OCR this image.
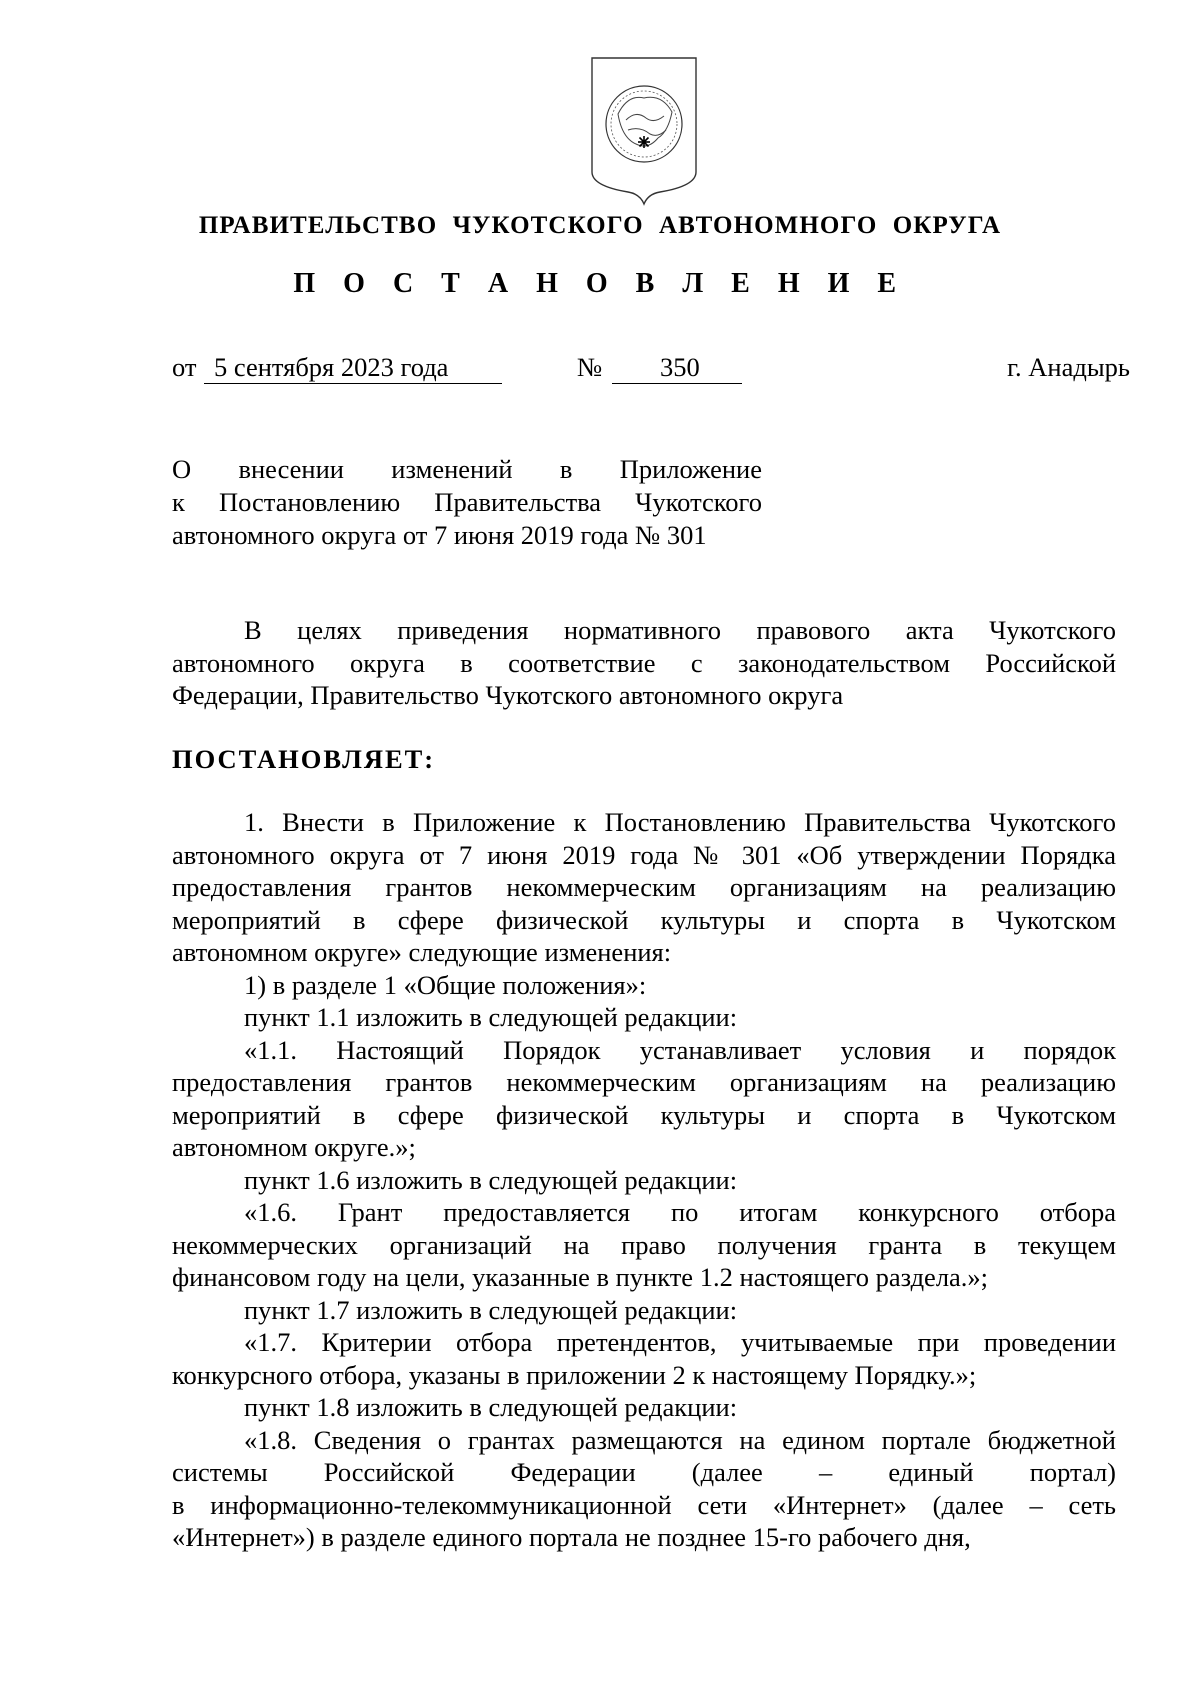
ПРАВИТЕЛЬСТВО ЧУКОТСКОГО АВТОНОМНОГО ОКРУГА
П О С Т А Н О В Л Е Н И Е
от 5 сентября 2023 года	№ 350	г. Анадырь
О внесении изменений в Приложение
к Постановлению Правительства Чукотского
автономного округа от 7 июня 2019 года № 301
В целях приведения нормативного правового акта Чукотского
автономного округа в соответствие с законодательством Российской
Федерации, Правительство Чукотского автономного округа
ПОСТАНОВЛЯЕТ:
1. Внести в Приложение к Постановлению Правительства Чукотского
автономного округа от 7 июня 2019 года № 301 «Об утверждении Порядка
предоставления грантов некоммерческим организациям на реализацию
мероприятий в сфере физической культуры и спорта в Чукотском
автономном округе» следующие изменения:
1) в разделе 1 «Общие положения»:
пункт 1.1 изложить в следующей редакции:
«1.1. Настоящий Порядок устанавливает условия и порядок
предоставления грантов некоммерческим организациям на реализацию
мероприятий в сфере физической культуры и спорта в Чукотском
автономном округе.»;
пункт 1.6 изложить в следующей редакции:
«1.6. Грант предоставляется по итогам конкурсного отбора
некоммерческих организаций на право получения гранта в текущем
финансовом году на цели, указанные в пункте 1.2 настоящего раздела.»;
пункт 1.7 изложить в следующей редакции:
«1.7. Критерии отбора претендентов, учитываемые при проведении
конкурсного отбора, указаны в приложении 2 к настоящему Порядку.»;
пункт 1.8 изложить в следующей редакции:
«1.8. Сведения о грантах размещаются на едином портале бюджетной
системы Российской Федерации (далее – единый портал)
в информационно-телекоммуникационной сети «Интернет» (далее – сеть
«Интернет») в разделе единого портала не позднее 15-го рабочего дня,
